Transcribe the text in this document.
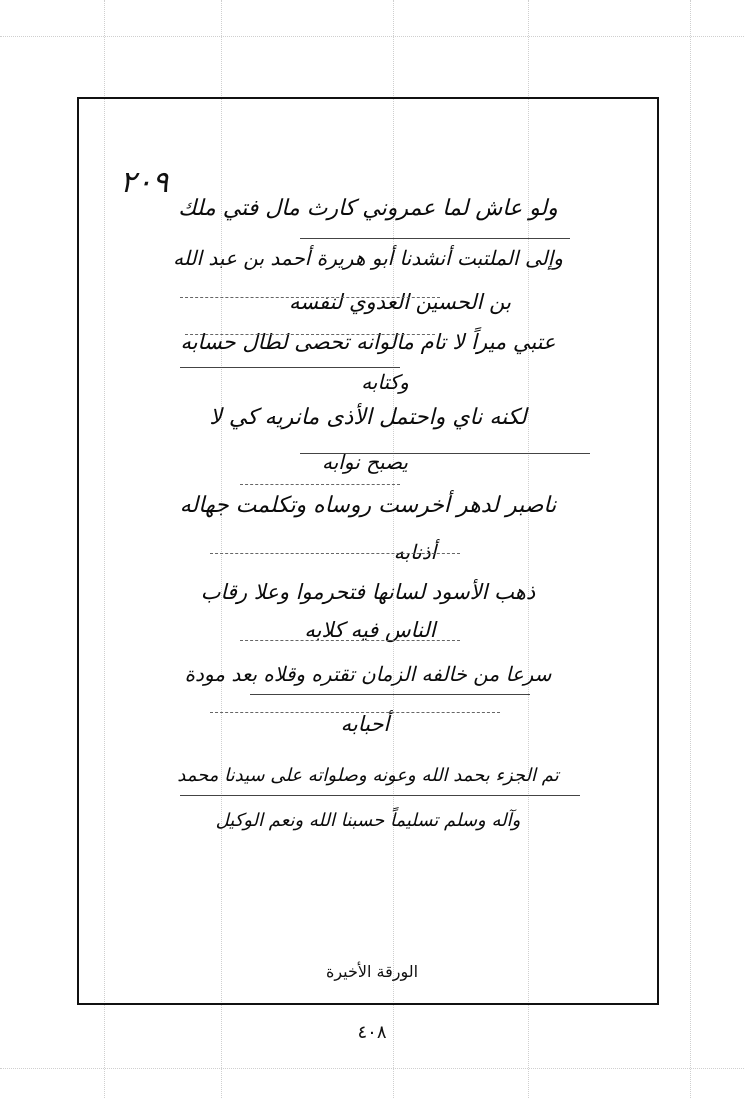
٢٠٩
ولو عاش لما عمروني كارث مال فتي ملك
وإلى الملتبت أنشدنا أبو هريرة أحمد بن عبد الله
بن الحسين العدوي لنفسه
عتبي ميراً لا تام مالوانه تحصى لطال حسابه
وكتابه
لكنه ناي واحتمل الأذى مانريه كي لا
يصبح نوابه
ناصبر لدهر أخرست روساه وتكلمت جهاله
أذنابه
ذهب الأسود لسانها فتحرموا وعلا رقاب
الناس فيه كلابه
سرعا من خالفه الزمان تقتره وقلاه بعد مودة
أحبابه
تم الجزء بحمد الله وعونه وصلواته على سيدنا محمد
وآله وسلم تسليماً حسبنا الله ونعم الوكيل
الورقة الأخيرة
٤٠٨
